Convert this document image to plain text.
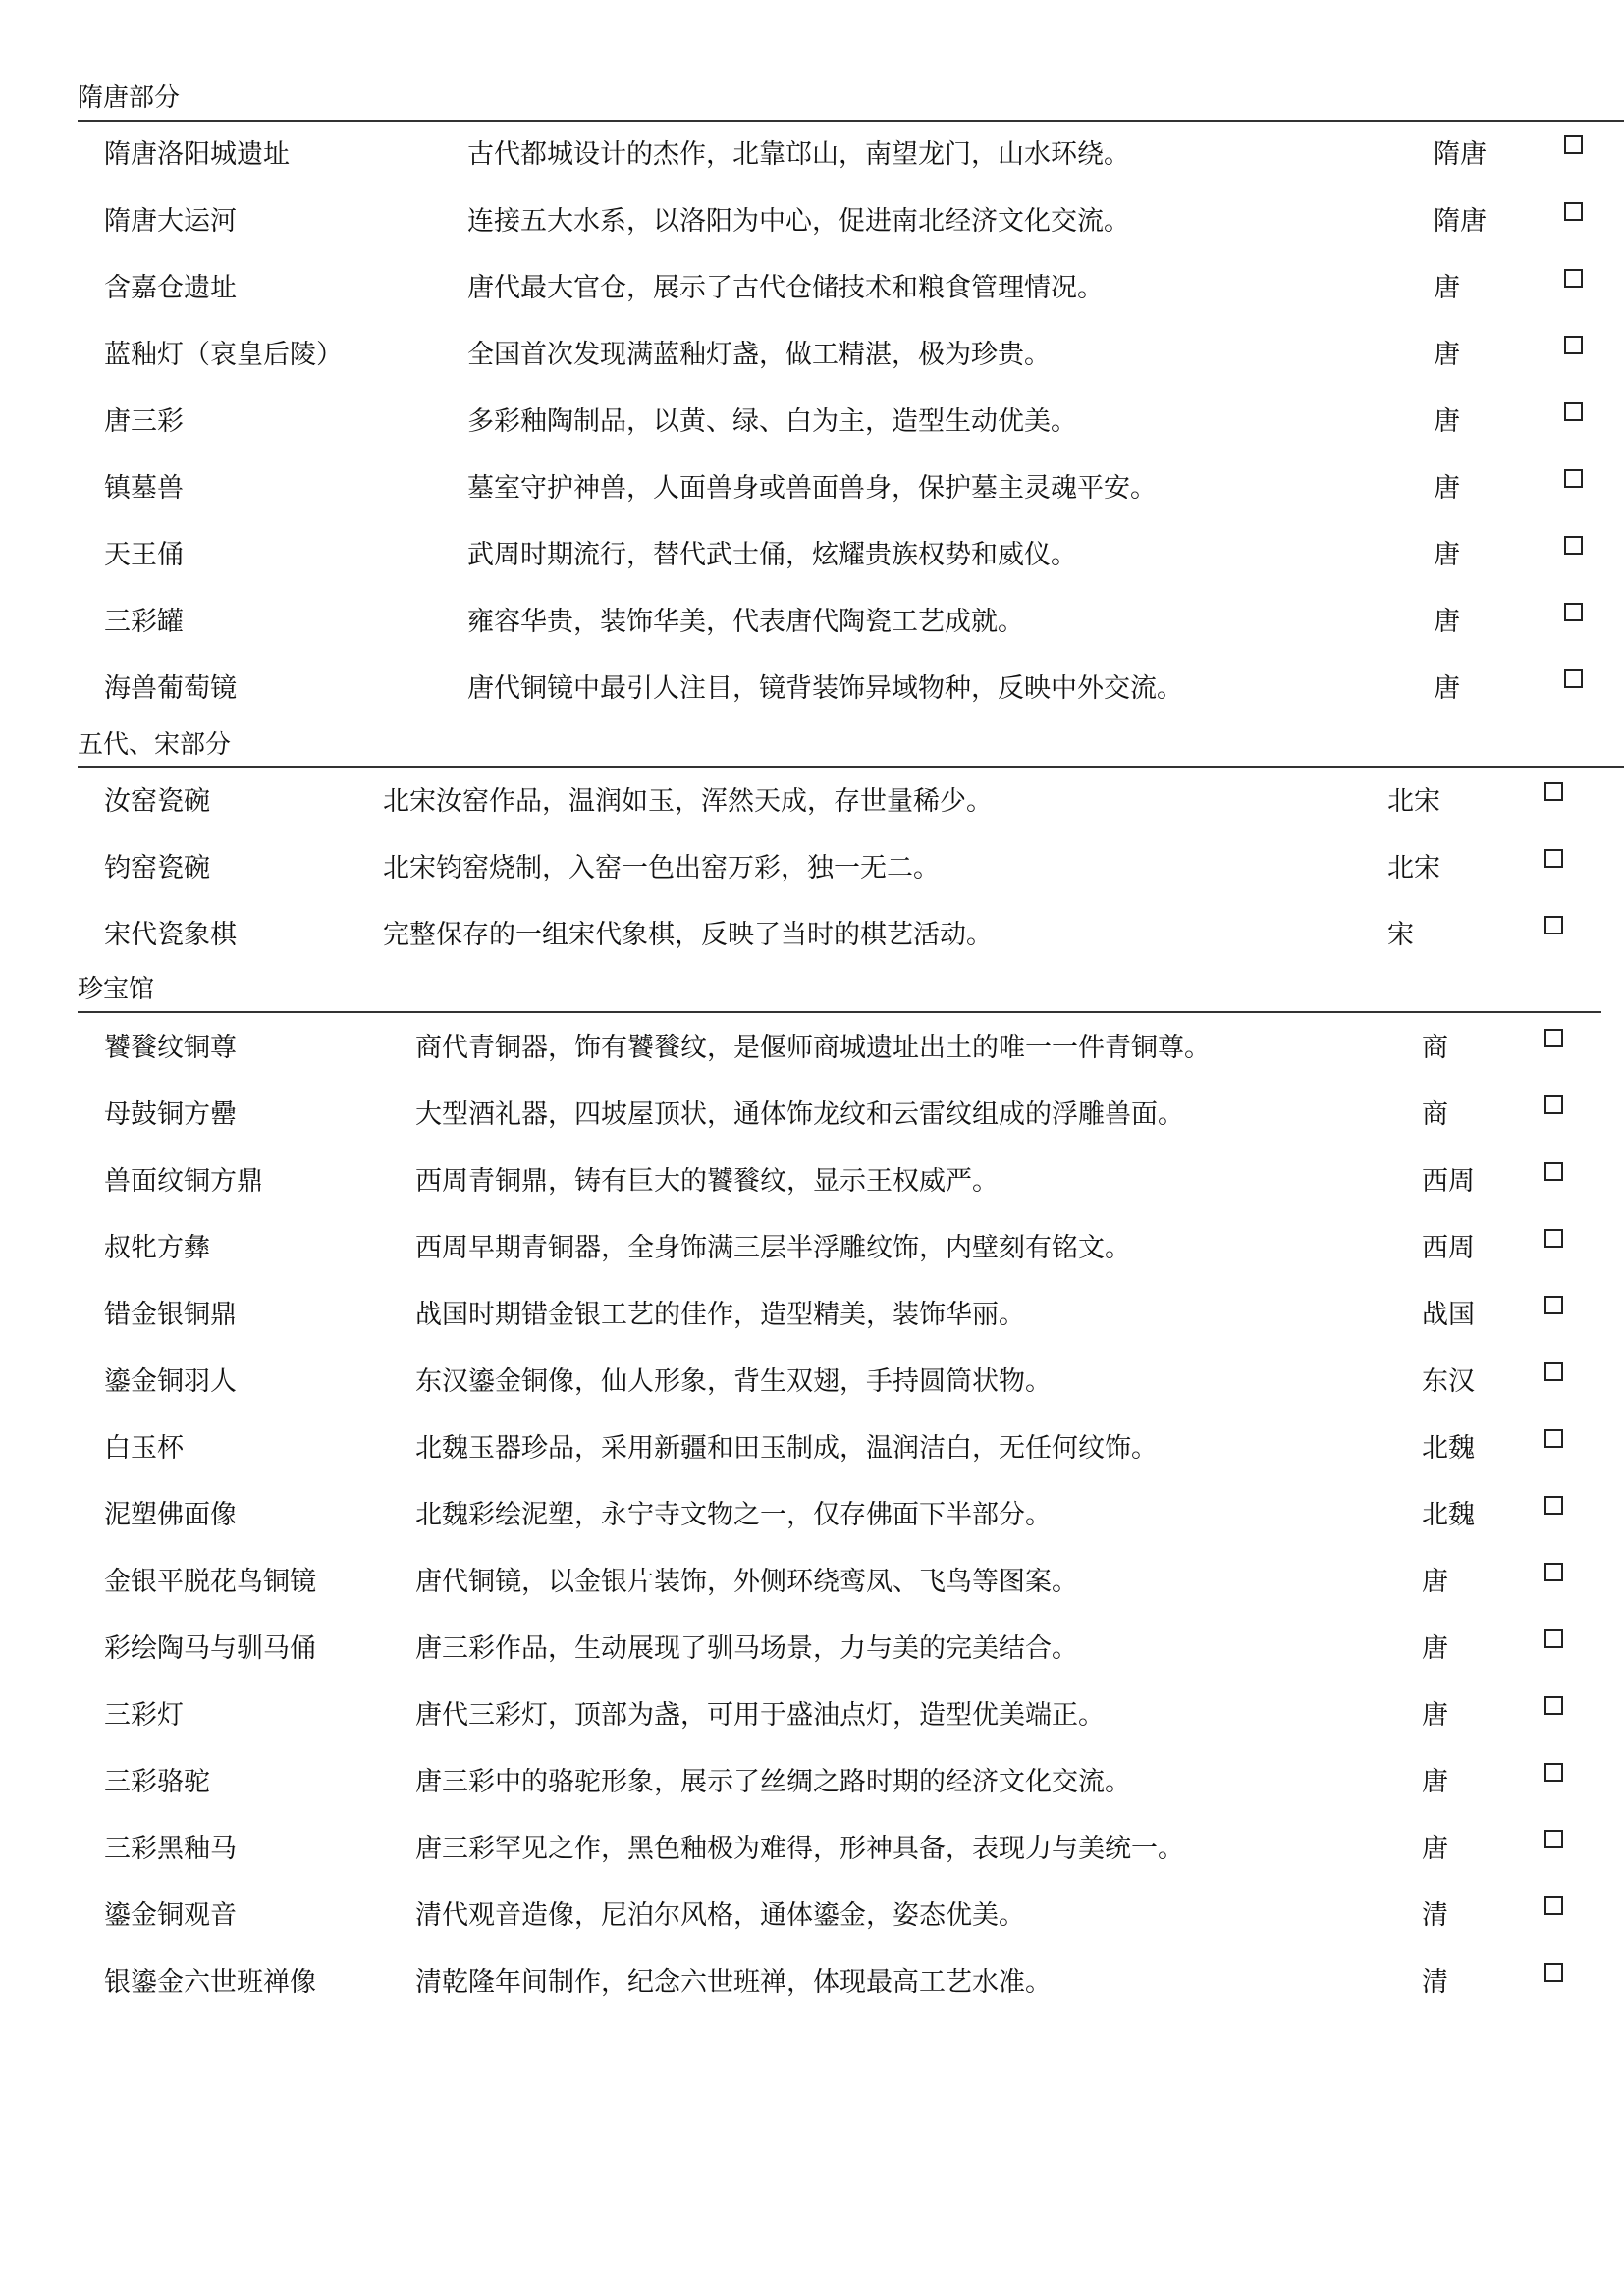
隋唐部分
隋唐洛阳城遗址	古代都城设计的杰作，北靠邙山，南望龙门，山水环绕。	隋唐
隋唐大运河	连接五大水系，以洛阳为中心，促进南北经济文化交流。	隋唐
含嘉仓遗址	唐代最大官仓，展示了古代仓储技术和粮食管理情况。	唐
蓝釉灯（哀皇后陵）	全国首次发现满蓝釉灯盏，做工精湛，极为珍贵。	唐
唐三彩	多彩釉陶制品，以黄、绿、白为主，造型生动优美。	唐
镇墓兽	墓室守护神兽，人面兽身或兽面兽身，保护墓主灵魂平安。	唐
天王俑	武周时期流行，替代武士俑，炫耀贵族权势和威仪。	唐
三彩罐	雍容华贵，装饰华美，代表唐代陶瓷工艺成就。	唐
海兽葡萄镜	唐代铜镜中最引人注目，镜背装饰异域物种，反映中外交流。	唐
五代、宋部分
汝窑瓷碗	北宋汝窑作品，温润如玉，浑然天成，存世量稀少。	北宋
钧窑瓷碗	北宋钧窑烧制，入窑一色出窑万彩，独一无二。	北宋
宋代瓷象棋	完整保存的一组宋代象棋，反映了当时的棋艺活动。	宋
珍宝馆
饕餮纹铜尊	商代青铜器，饰有饕餮纹，是偃师商城遗址出土的唯一一件青铜尊。	商
母鼓铜方罍	大型酒礼器，四坡屋顶状，通体饰龙纹和云雷纹组成的浮雕兽面。	商
兽面纹铜方鼎	西周青铜鼎，铸有巨大的饕餮纹，显示王权威严。	西周
叔牝方彝	西周早期青铜器，全身饰满三层半浮雕纹饰，内壁刻有铭文。	西周
错金银铜鼎	战国时期错金银工艺的佳作，造型精美，装饰华丽。	战国
鎏金铜羽人	东汉鎏金铜像，仙人形象，背生双翅，手持圆筒状物。	东汉
白玉杯	北魏玉器珍品，采用新疆和田玉制成，温润洁白，无任何纹饰。	北魏
泥塑佛面像	北魏彩绘泥塑，永宁寺文物之一，仅存佛面下半部分。	北魏
金银平脱花鸟铜镜	唐代铜镜，以金银片装饰，外侧环绕鸾凤、飞鸟等图案。	唐
彩绘陶马与驯马俑	唐三彩作品，生动展现了驯马场景，力与美的完美结合。	唐
三彩灯	唐代三彩灯，顶部为盏，可用于盛油点灯，造型优美端正。	唐
三彩骆驼	唐三彩中的骆驼形象，展示了丝绸之路时期的经济文化交流。	唐
三彩黑釉马	唐三彩罕见之作，黑色釉极为难得，形神具备，表现力与美统一。	唐
鎏金铜观音	清代观音造像，尼泊尔风格，通体鎏金，姿态优美。	清
银鎏金六世班禅像	清乾隆年间制作，纪念六世班禅，体现最高工艺水准。	清
